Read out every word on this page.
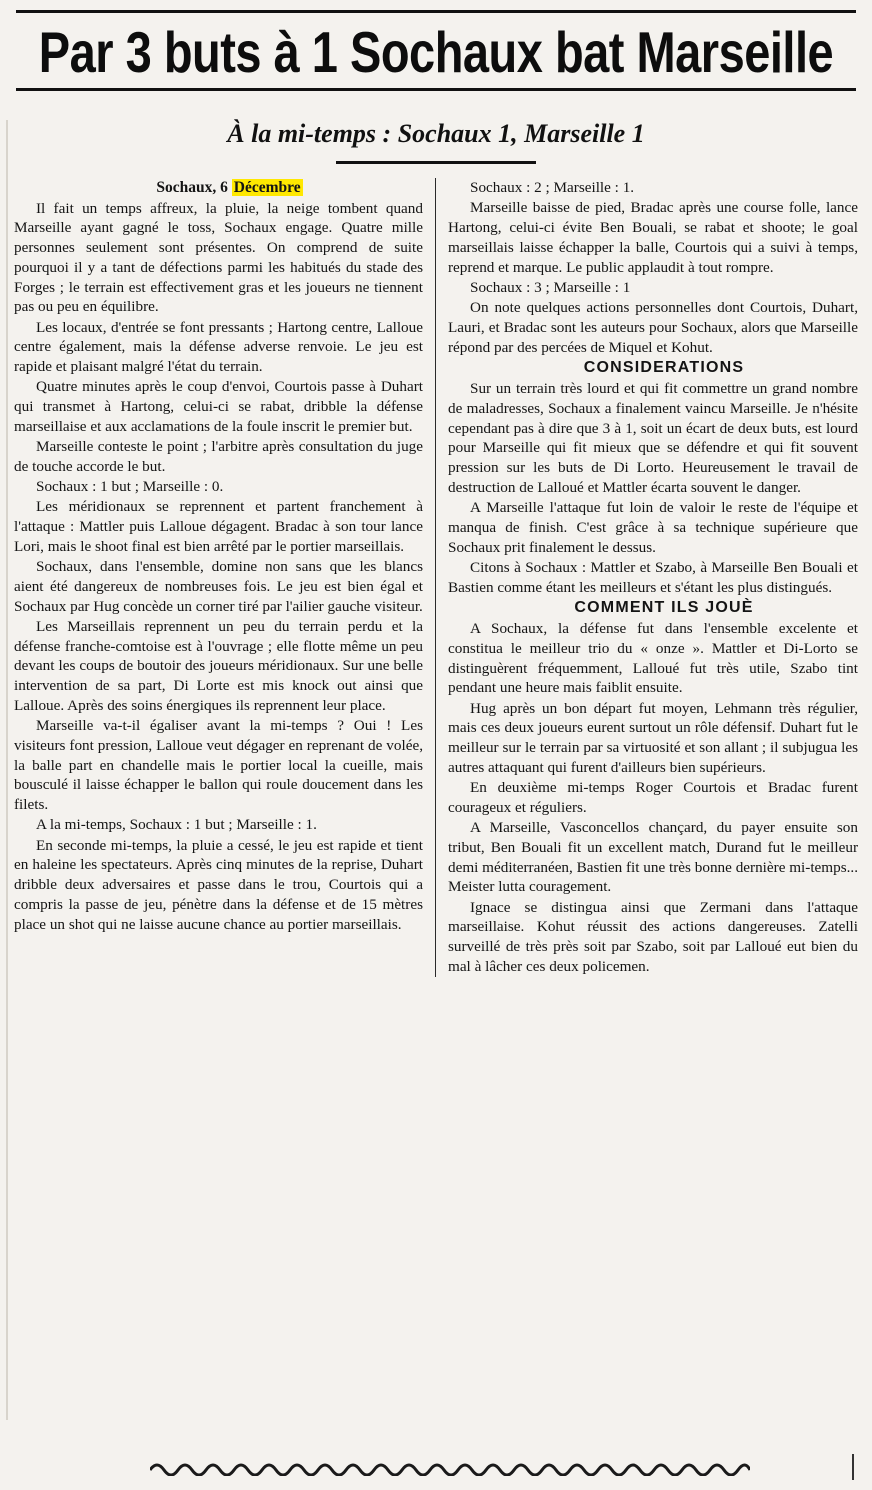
Par 3 buts à 1 Sochaux bat Marseille
À la mi-temps : Sochaux 1, Marseille 1

Sochaux, 6 Décembre

Il fait un temps affreux, la pluie, la neige tombent quand Marseille ayant gagné le toss, Sochaux engage. Quatre mille personnes seulement sont présentes. On comprend de suite pourquoi il y a tant de défections parmi les habitués du stade des Forges ; le terrain est effectivement gras et les joueurs ne tiennent pas ou peu en équilibre.

Les locaux, d'entrée se font pressants ; Hartong centre, Lalloue centre également, mais la défense adverse renvoie. Le jeu est rapide et plaisant malgré l'état du terrain.

Quatre minutes après le coup d'envoi, Courtois passe à Duhart qui transmet à Hartong, celui-ci se rabat, dribble la défense marseillaise et aux acclamations de la foule inscrit le premier but.

Marseille conteste le point ; l'arbitre après consultation du juge de touche accorde le but.

Sochaux : 1 but ; Marseille : 0.

Les méridionaux se reprennent et partent franchement à l'attaque : Mattler puis Lalloue dégagent. Bradac à son tour lance Lori, mais le shoot final est bien arrêté par le portier marseillais.

Sochaux, dans l'ensemble, domine non sans que les blancs aient été dangereux de nombreuses fois. Le jeu est bien égal et Sochaux par Hug concède un corner tiré par l'ailier gauche visiteur.

Les Marseillais reprennent un peu du terrain perdu et la défense franche-comtoise est à l'ouvrage ; elle flotte même un peu devant les coups de boutoir des joueurs méridionaux. Sur une belle intervention de sa part, Di Lorte est mis knock out ainsi que Lalloue. Après des soins énergiques ils reprennent leur place.

Marseille va-t-il égaliser avant la mi-temps ? Oui ! Les visiteurs font pression, Lalloue veut dégager en reprenant de volée, la balle part en chandelle mais le portier local la cueille, mais bousculé il laisse échapper le ballon qui roule doucement dans les filets.

A la mi-temps, Sochaux : 1 but ; Marseille : 1.

En seconde mi-temps, la pluie a cessé, le jeu est rapide et tient en haleine les spectateurs. Après cinq minutes de la reprise, Duhart dribble deux adversaires et passe dans le trou, Courtois qui a compris la passe de jeu, pénètre dans la défense et de 15 mètres place un shot qui ne laisse aucune chance au portier marseillais.

Sochaux : 2 ; Marseille : 1.

Marseille baisse de pied, Bradac après une course folle, lance Hartong, celui-ci évite Ben Bouali, se rabat et shoote; le goal marseillais laisse échapper la balle, Courtois qui a suivi à temps, reprend et marque. Le public applaudit à tout rompre.

Sochaux : 3 ; Marseille : 1

On note quelques actions personnelles dont Courtois, Duhart, Lauri, et Bradac sont les auteurs pour Sochaux, alors que Marseille répond par des percées de Miquel et Kohut.

CONSIDERATIONS

Sur un terrain très lourd et qui fit commettre un grand nombre de maladresses, Sochaux a finalement vaincu Marseille. Je n'hésite cependant pas à dire que 3 à 1, soit un écart de deux buts, est lourd pour Marseille qui fit mieux que se défendre et qui fit souvent pression sur les buts de Di Lorto. Heureusement le travail de destruction de Lalloué et Mattler écarta souvent le danger.

A Marseille l'attaque fut loin de valoir le reste de l'équipe et manqua de finish. C'est grâce à sa technique supérieure que Sochaux prit finalement le dessus.

Citons à Sochaux : Mattler et Szabo, à Marseille Ben Bouali et Bastien comme étant les meilleurs et s'étant les plus distingués.

COMMENT ILS JOUÈ

A Sochaux, la défense fut dans l'ensemble excelente et constitua le meilleur trio du « onze ». Mattler et Di-Lorto se distinguèrent fréquemment, Lalloué fut très utile, Szabo tint pendant une heure mais faiblit ensuite.

Hug après un bon départ fut moyen, Lehmann très régulier, mais ces deux joueurs eurent surtout un rôle défensif. Duhart fut le meilleur sur le terrain par sa virtuosité et son allant ; il subjugua les autres attaquant qui furent d'ailleurs bien supérieurs.

En deuxième mi-temps Roger Courtois et Bradac furent courageux et réguliers.

A Marseille, Vasconcellos chançard, du payer ensuite son tribut, Ben Bouali fit un excellent match, Durand fut le meilleur demi méditerranéen, Bastien fit une très bonne dernière mi-temps... Meister lutta couragement.

Ignace se distingua ainsi que Zermani dans l'attaque marseillaise. Kohut réussit des actions dangereuses. Zatelli surveillé de très près soit par Szabo, soit par Lalloué eut bien du mal à lâcher ces deux policemen.
